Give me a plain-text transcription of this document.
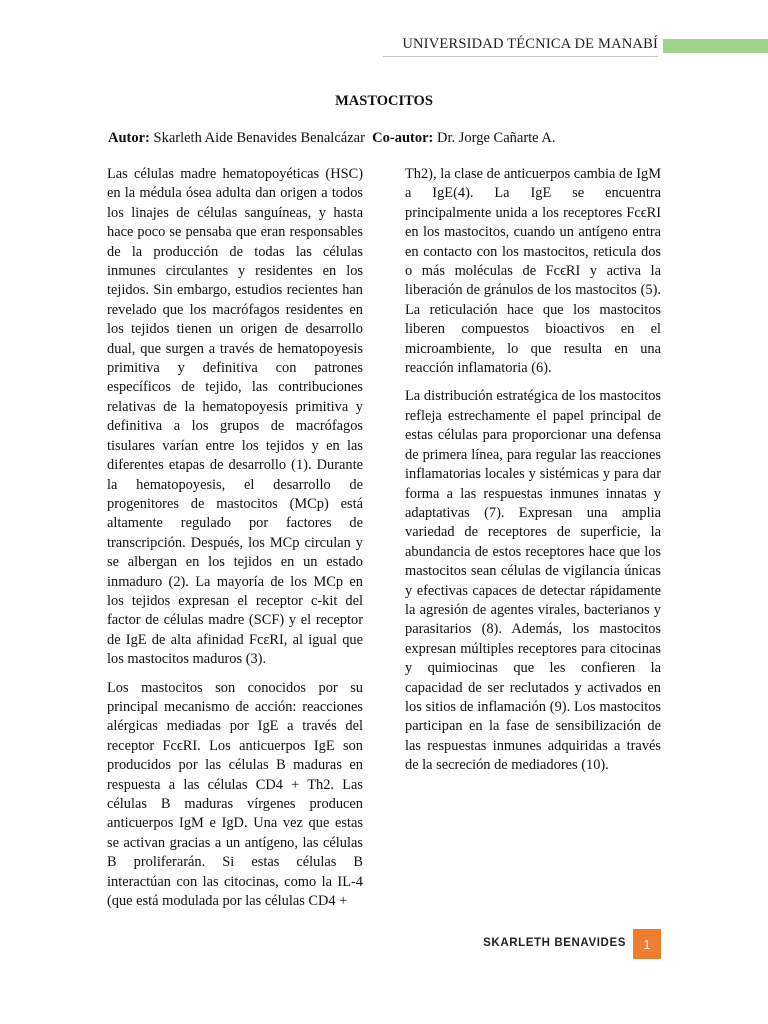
UNIVERSIDAD TÉCNICA DE MANABÍ
MASTOCITOS
Autor: Skarleth Aide Benavides Benalcázar Co-autor: Dr. Jorge Cañarte A.

Las células madre hematopoyéticas (HSC) en la médula ósea adulta dan origen a todos los linajes de células sanguíneas, y hasta hace poco se pensaba que eran responsables de la producción de todas las células inmunes circulantes y residentes en los tejidos. Sin embargo, estudios recientes han revelado que los macrófagos residentes en los tejidos tienen un origen de desarrollo dual, que surgen a través de hematopoyesis primitiva y definitiva con patrones específicos de tejido, las contribuciones relativas de la hematopoyesis primitiva y definitiva a los grupos de macrófagos tisulares varían entre los tejidos y en las diferentes etapas de desarrollo (1). Durante la hematopoyesis, el desarrollo de progenitores de mastocitos (MCp) está altamente regulado por factores de transcripción. Después, los MCp circulan y se albergan en los tejidos en un estado inmaduro (2). La mayoría de los MCp en los tejidos expresan el receptor c-kit del factor de células madre (SCF) y el receptor de IgE de alta afinidad FcεRI, al igual que los mastocitos maduros (3).

Los mastocitos son conocidos por su principal mecanismo de acción: reacciones alérgicas mediadas por IgE a través del receptor FcϵRI. Los anticuerpos IgE son producidos por las células B maduras en respuesta a las células CD4 + Th2. Las células B maduras vírgenes producen anticuerpos IgM e IgD. Una vez que estas se activan gracias a un antígeno, las células B proliferarán. Si estas células B interactúan con las citocinas, como la IL-4 (que está modulada por las células CD4 +

Th2), la clase de anticuerpos cambia de IgM a IgE(4). La IgE se encuentra principalmente unida a los receptores FcϵRI en los mastocitos, cuando un antígeno entra en contacto con los mastocitos, reticula dos o más moléculas de FcϵRI y activa la liberación de gránulos de los mastocitos (5). La reticulación hace que los mastocitos liberen compuestos bioactivos en el microambiente, lo que resulta en una reacción inflamatoria (6).

La distribución estratégica de los mastocitos refleja estrechamente el papel principal de estas células para proporcionar una defensa de primera línea, para regular las reacciones inflamatorias locales y sistémicas y para dar forma a las respuestas inmunes innatas y adaptativas (7). Expresan una amplia variedad de receptores de superficie, la abundancia de estos receptores hace que los mastocitos sean células de vigilancia únicas y efectivas capaces de detectar rápidamente la agresión de agentes virales, bacterianos y parasitarios (8). Además, los mastocitos expresan múltiples receptores para citocinas y quimiocinas que les confieren la capacidad de ser reclutados y activados en los sitios de inflamación (9). Los mastocitos participan en la fase de sensibilización de las respuestas inmunes adquiridas a través de la secreción de mediadores (10).

SKARLETH BENAVIDES	1
